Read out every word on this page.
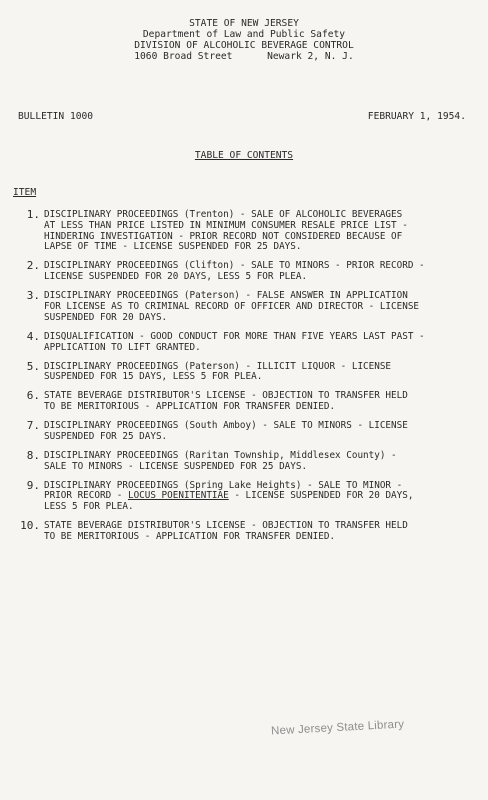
STATE OF NEW JERSEY
Department of Law and Public Safety
DIVISION OF ALCOHOLIC BEVERAGE CONTROL
1060 Broad Street      Newark 2, N. J.
BULLETIN 1000	FEBRUARY 1, 1954.
TABLE OF CONTENTS
ITEM
1. DISCIPLINARY PROCEEDINGS (Trenton) - SALE OF ALCOHOLIC BEVERAGES
AT LESS THAN PRICE LISTED IN MINIMUM CONSUMER RESALE PRICE LIST -
HINDERING INVESTIGATION - PRIOR RECORD NOT CONSIDERED BECAUSE OF
LAPSE OF TIME - LICENSE SUSPENDED FOR 25 DAYS.
2. DISCIPLINARY PROCEEDINGS (Clifton) - SALE TO MINORS - PRIOR RECORD -
LICENSE SUSPENDED FOR 20 DAYS, LESS 5 FOR PLEA.
3. DISCIPLINARY PROCEEDINGS (Paterson) - FALSE ANSWER IN APPLICATION
FOR LICENSE AS TO CRIMINAL RECORD OF OFFICER AND DIRECTOR - LICENSE
SUSPENDED FOR 20 DAYS.
4. DISQUALIFICATION - GOOD CONDUCT FOR MORE THAN FIVE YEARS LAST PAST -
APPLICATION TO LIFT GRANTED.
5. DISCIPLINARY PROCEEDINGS (Paterson) - ILLICIT LIQUOR - LICENSE
SUSPENDED FOR 15 DAYS, LESS 5 FOR PLEA.
6. STATE BEVERAGE DISTRIBUTOR'S LICENSE - OBJECTION TO TRANSFER HELD
TO BE MERITORIOUS - APPLICATION FOR TRANSFER DENIED.
7. DISCIPLINARY PROCEEDINGS (South Amboy) - SALE TO MINORS - LICENSE
SUSPENDED FOR 25 DAYS.
8. DISCIPLINARY PROCEEDINGS (Raritan Township, Middlesex County) -
SALE TO MINORS - LICENSE SUSPENDED FOR 25 DAYS.
9. DISCIPLINARY PROCEEDINGS (Spring Lake Heights) - SALE TO MINOR -
PRIOR RECORD - LOCUS POENITENTIAE - LICENSE SUSPENDED FOR 20 DAYS,
LESS 5 FOR PLEA.
10. STATE BEVERAGE DISTRIBUTOR'S LICENSE - OBJECTION TO TRANSFER HELD
TO BE MERITORIOUS - APPLICATION FOR TRANSFER DENIED.
New Jersey State Library
